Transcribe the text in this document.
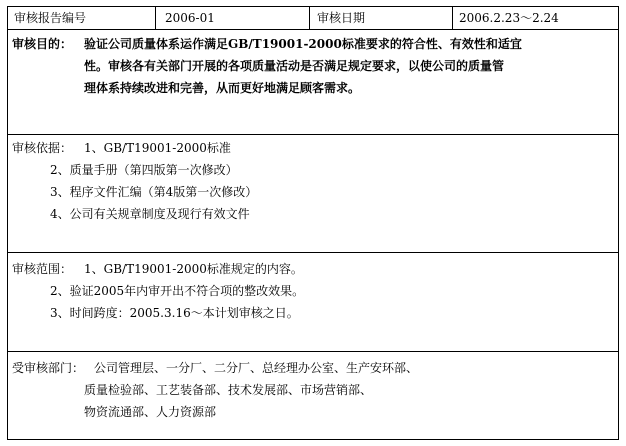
审核报告编号	2006-01	审核日期	2006.2.23～2.24
审核目的： 验证公司质量体系运作满足GB/T19001-2000标准要求的符合性、有效性和适宜
性。审核各有关部门开展的各项质量活动是否满足规定要求，以使公司的质量管
理体系持续改进和完善，从而更好地满足顾客需求。
审核依据： 1、GB/T19001-2000标准
2、质量手册（第四版第一次修改）
3、程序文件汇编（第4版第一次修改）
4、公司有关规章制度及现行有效文件
审核范围： 1、GB/T19001-2000标准规定的内容。
2、验证2005年内审开出不符合项的整改效果。
3、时间跨度：2005.3.16～本计划审核之日。
受审核部门： 公司管理层、一分厂、二分厂、总经理办公室、生产安环部、
质量检验部、工艺装备部、技术发展部、市场营销部、
物资流通部、人力资源部
